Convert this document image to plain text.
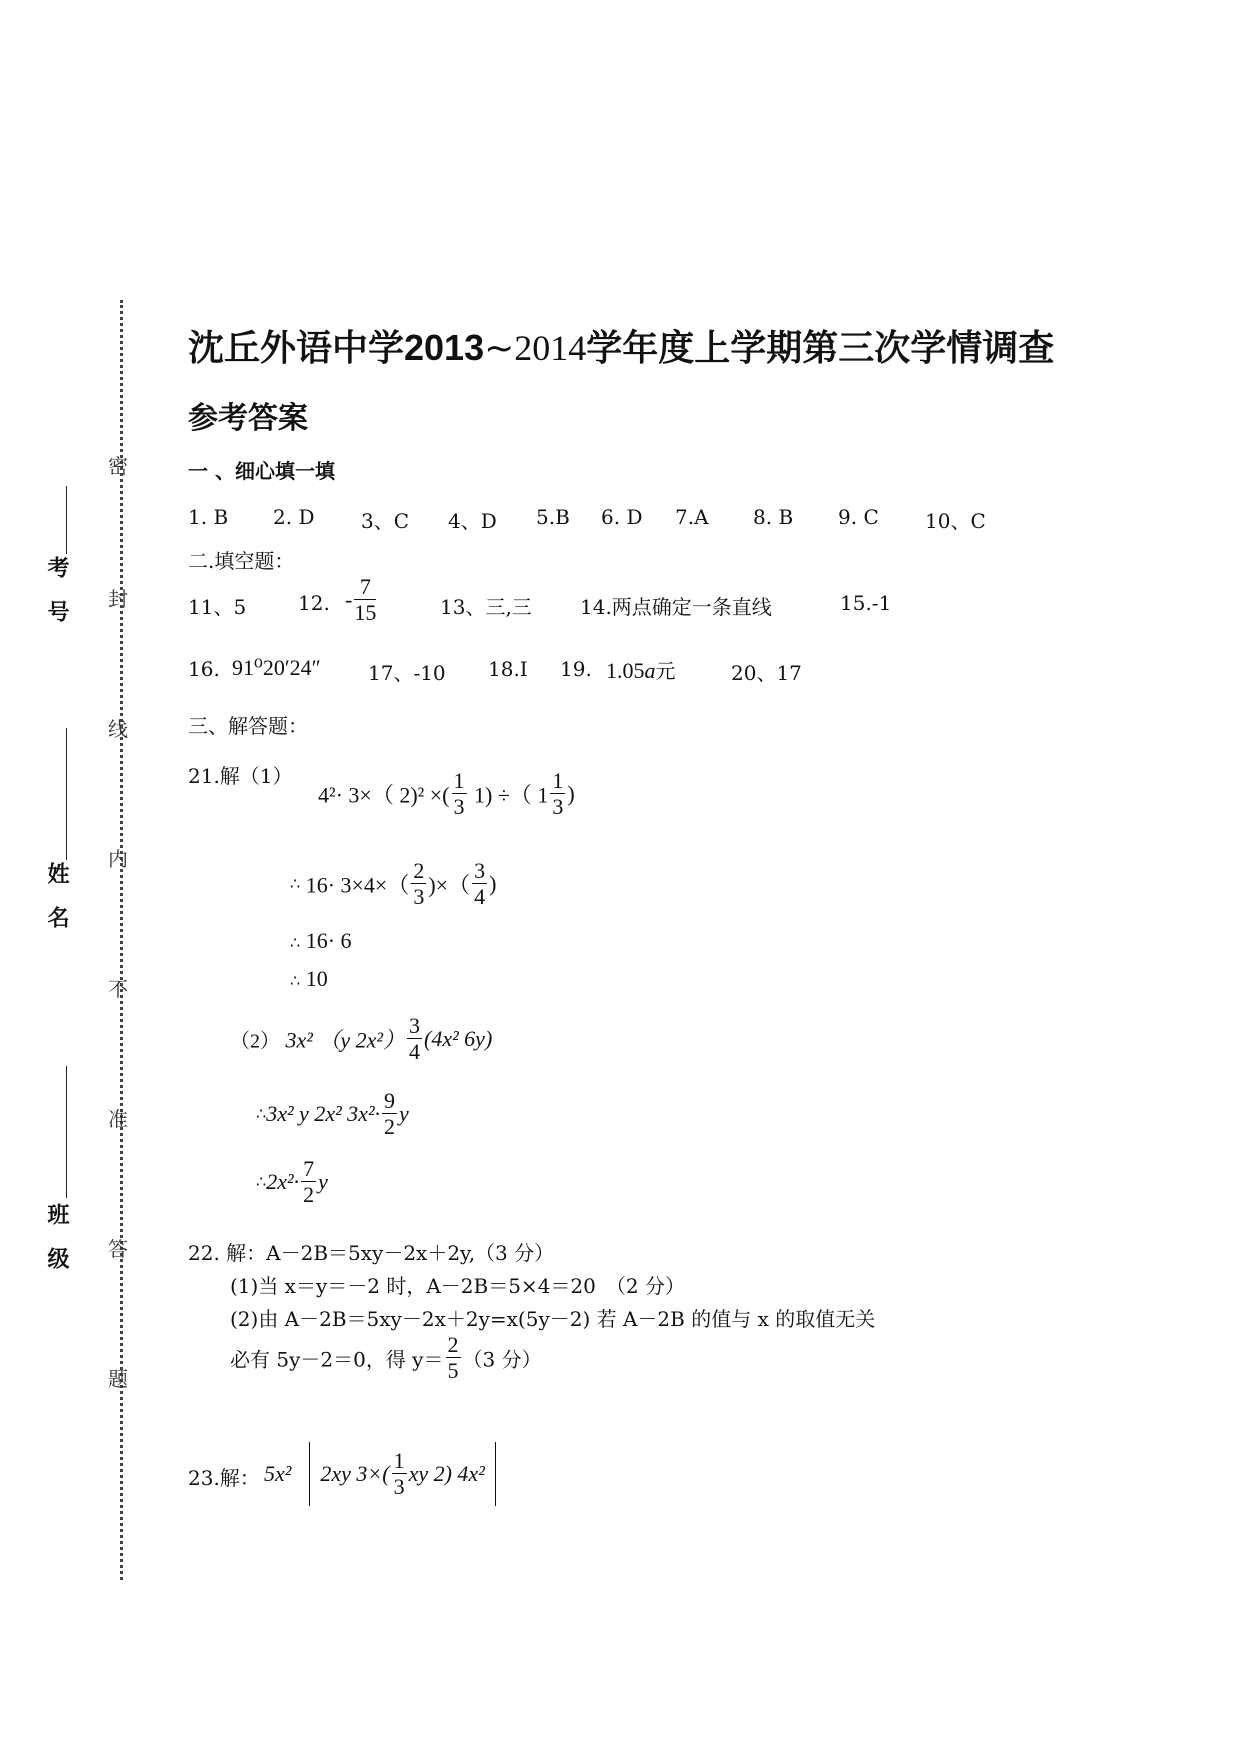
密
封
线
内
不
准
答
题
考号
姓名
班级
沈丘外语中学2013~2014学年度上学期第三次学情调查
参考答案
一 、细心填一填
1. B 2. D 3、C 4、D 5.B 6. D 7.A 8. B 9. C 10、C
二.填空题：
11、5	12. - $\frac{7}{15}$	13、三,三 14.两点确定一条直线	15.-1
16. 91⁰20′24″ 17、-10 18.I 19. 1.05a元	20、17
三、解答题：
21.解（1）
4²· 3×（ 2)² ×( $\frac{1}{3} 1$) ÷（ $1 \frac{1}{3}$ )
∴ $16\cdot 3\times 4\times( \frac{2}{3}$ )×（ $\frac{3}{4}$ )
∴ 16· 6
∴ 10
（2） 3x² （y $2x^2) \frac{3}{4} (4x^2$ 6y)
∴3x² y 2x² $3x^2\cdot \frac{9}{2}$ y
∴2x²· $\frac{7}{2}$ y
22. 解：A－2B＝5xy－2x＋2y,（3 分）
(1)当 x＝y＝－2 时，A－2B＝5×4＝20　（2 分）
(2)由 A－2B＝5xy－2x＋2y=x(5y－2) 若 A－2B 的值与 x 的取值无关
必有 5y－2＝0，得 $y= \frac{2}{5} (3$ 分）
23.解： 5x² 2xy $3\times( \frac{1}{3}$ xy 2) 4x²
